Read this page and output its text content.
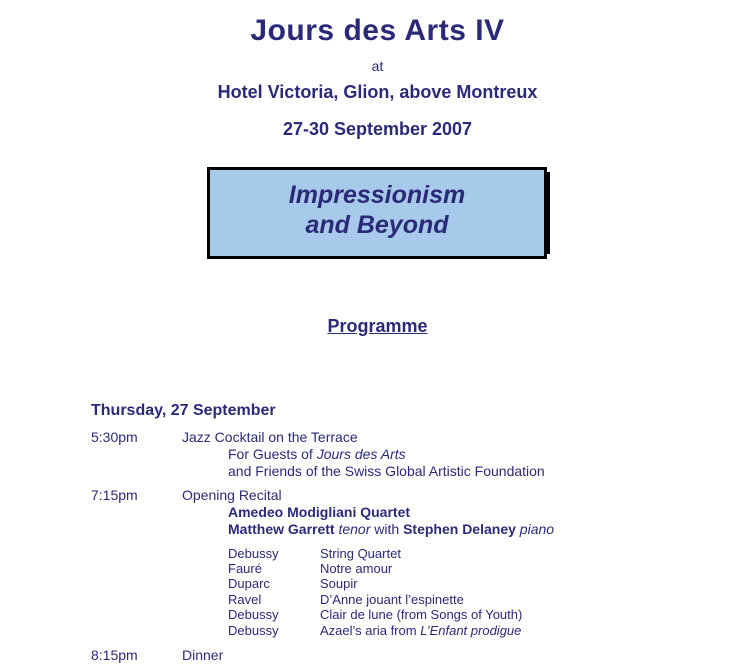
Jours des Arts IV
at
Hotel Victoria, Glion, above Montreux
27-30 September 2007
Impressionism
and Beyond
Programme
Thursday, 27 September
5:30pm	Jazz Cocktail on the Terrace
For Guests of Jours des Arts
and Friends of the Swiss Global Artistic Foundation
7:15pm	Opening Recital
Amedeo Modigliani Quartet
Matthew Garrett tenor with Stephen Delaney piano
Debussy	String Quartet
Fauré	Notre amour
Duparc	Soupir
Ravel	D’Anne jouant l’espinette
Debussy	Clair de lune (from Songs of Youth)
Debussy	Azael’s aria from L’Enfant prodigue
8:15pm	Dinner
